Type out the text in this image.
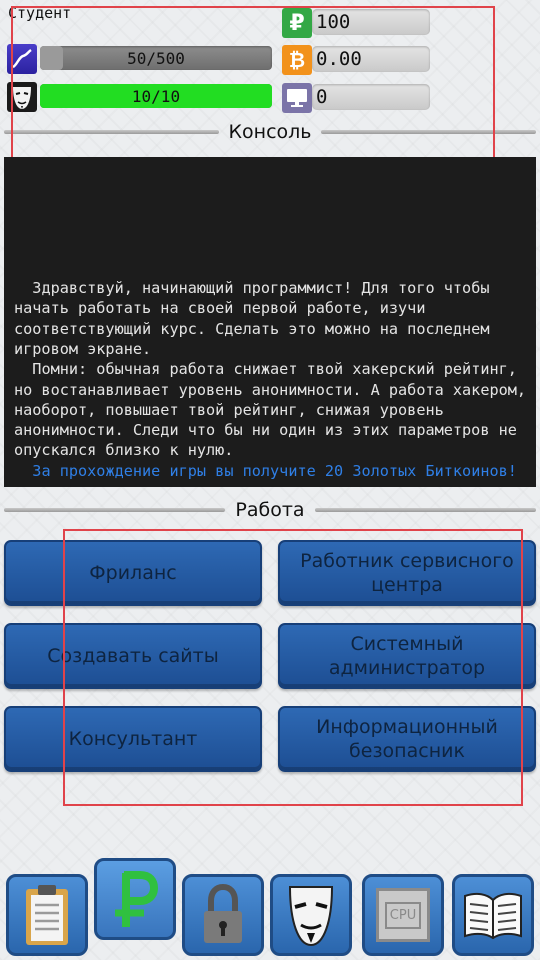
Студент
50/500
10/10
₽ 100
₿ 0.00
0
Консоль

Здравствуй, начинающий программист! Для того чтобы начать работать на своей первой работе, изучи соответствующий курс. Сделать это можно на последнем игровом экране.

Помни: обычная работа снижает твой хакерский рейтинг, но востанавливает уровень анонимности. А работа хакером, наоборот, повышает твой рейтинг, снижая уровень анонимности. Следи что бы ни один из этих параметров не опускался близко к нулю.

За прохождение игры вы получите 20 Золотых Биткоинов!

Работа
Фриланс
Работник сервисного центра
Создавать сайты
Системный администратор
Консультант
Информационный безопасник
CPU
